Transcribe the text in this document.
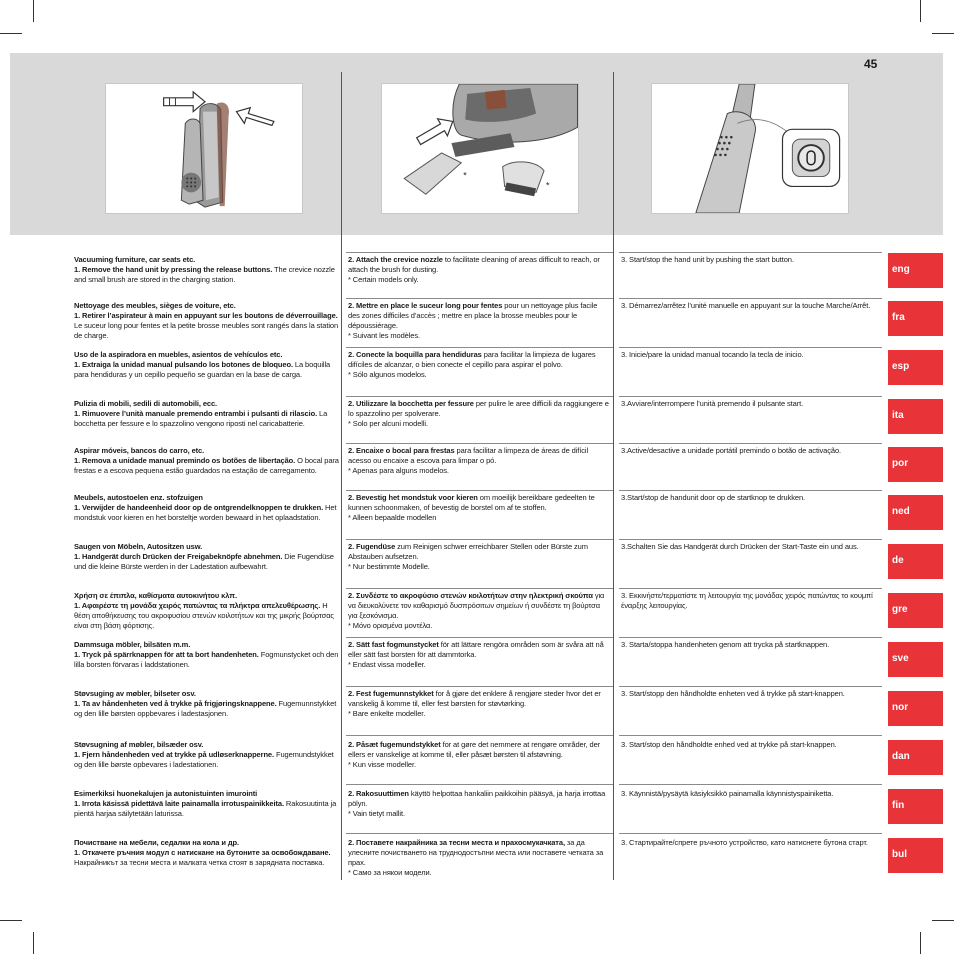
45
*
*
Vacuuming furniture, car seats etc.
1. Remove the hand unit by pressing the release buttons. The crevice nozzle and small brush are stored in the charging station.
2. Attach the crevice nozzle to facilitate cleaning of areas difficult to reach, or attach the brush for dusting.
* Certain models only.
3. Start/stop the hand unit by pushing the start button.
eng
Nettoyage des meubles, sièges de voiture, etc.
1. Retirer l’aspirateur à main en appuyant sur les boutons de déverrouillage. Le suceur long pour fentes et la petite brosse meubles sont rangés dans la station de charge.
2. Mettre en place le suceur long pour fentes pour un nettoyage plus facile des zones difficiles d’accès ; mettre en place la brosse meubles pour le dépoussiérage.
* Suivant les modèles.
3. Démarrez/arrêtez l’unité manuelle en appuyant sur la touche Marche/Arrêt.
fra
Uso de la aspiradora en muebles, asientos de vehículos etc.
1. Extraiga la unidad manual pulsando los botones de bloqueo. La boquilla para hendiduras y un cepillo pequeño se guardan en la base de carga.
2. Conecte la boquilla para hendiduras para facilitar la limpieza de lugares difíciles de alcanzar, o bien conecte el cepillo para aspirar el polvo.
* Sólo algunos modelos.
3. Inicie/pare la unidad manual tocando la tecla de inicio.
esp
Pulizia di mobili, sedili di automobili, ecc.
1. Rimuovere l’unità manuale premendo entrambi i pulsanti di rilascio. La bocchetta per fessure e lo spazzolino vengono riposti nel caricabatterie.
2. Utilizzare la bocchetta per fessure per pulire le aree difficili da raggiungere e lo spazzolino per spolverare.
* Solo per alcuni modelli.
3.Avviare/interrompere l’unità premendo il pulsante start.
ita
Aspirar móveis, bancos do carro, etc.
1. Remova a unidade manual premindo os botões de libertação. O bocal para frestas e a escova pequena estão guardados na estação de carregamento.
2. Encaixe o bocal para frestas para facilitar a limpeza de áreas de difícil acesso ou encaixe a escova para limpar o pó.
* Apenas para alguns modelos.
3.Active/desactive a unidade portátil premindo o botão de activação.
por
Meubels, autostoelen enz. stofzuigen
1. Verwijder de handeenheid door op de ontgrendelknoppen te drukken. Het mondstuk voor kieren en het borsteltje worden bewaard in het oplaadstation.
2. Bevestig het mondstuk voor kieren om moeilijk bereikbare gedeelten te kunnen schoonmaken, of bevestig de borstel om af te stoffen.
* Alleen bepaalde modellen
3.Start/stop de handunit door op de startknop te drukken.
ned
Saugen von Möbeln, Autositzen usw.
1. Handgerät durch Drücken der Freigabeknöpfe abnehmen. Die Fugendüse und die kleine Bürste werden in der Ladestation aufbewahrt.
2. Fugendüse zum Reinigen schwer erreichbarer Stellen oder Bürste zum Abstauben aufsetzen.
* Nur bestimmte Modelle.
3.Schalten Sie das Handgerät durch Drücken der Start-Taste ein und aus.
de
Χρήση σε έπιπλα, καθίσματα αυτοκινήτου κλπ.
1. Αφαιρέστε τη μονάδα χειρός πατώντας τα πλήκτρα απελευθέρωσης. Η θέση αποθήκευσης του ακροφυσίου στενών κοιλοτήτων και της μικρής βούρτσας είναι στη βάση φόρτισης.
2. Συνδέστε το ακροφύσιο στενών κοιλοτήτων στην ηλεκτρική σκούπα για να διευκολύνετε τον καθαρισμό δυσπρόσιτων σημείων ή συνδέστε τη βούρτσα για ξεσκόνισμα.
* Μόνο ορισμένα μοντέλα.
3. Εκκινήστε/τερματίστε τη λειτουργία της μονάδας χειρός πατώντας το κουμπί έναρξης λειτουργίας.	gre
Dammsuga möbler, bilsäten m.m.
1. Tryck på spärrknappen för att ta bort handenheten. Fogmunstycket och den lilla borsten förvaras i laddstationen.
2. Sätt fast fogmunstycket för att lättare rengöra områden som är svåra att nå eller sätt fast borsten för att dammtorka.
* Endast vissa modeller.
3. Starta/stoppa handenheten genom att trycka på startknappen.
sve
Støvsuging av møbler, bilseter osv.
1. Ta av håndenheten ved å trykke på frigjøringsknappene. Fugemunnstykket og den lille børsten oppbevares i ladestasjonen.
2. Fest fugemunnstykket for å gjøre det enklere å rengjøre steder hvor det er vanskelig å komme til, eller fest børsten for støvtørking.
* Bare enkelte modeller.
3. Start/stopp den håndholdte enheten ved å trykke på start-knappen.
nor
Støvsugning af møbler, bilsæder osv.
1. Fjern håndenheden ved at trykke på udløserknapperne. Fugemundstykket og den lille børste opbevares i ladestationen.
2. Påsæt fugemundstykket for at gøre det nemmere at rengøre områder, der ellers er vanskelige at komme til, eller påsæt børsten til afstøvning.
* Kun visse modeller.
3. Start/stop den håndholdte enhed ved at trykke på start-knappen.
dan
Esimerkiksi huonekalujen ja autonistuinten imurointi
1. Irrota käsissä pidettävä laite painamalla irrotuspainikkeita. Rakosuutinta ja pientä harjaa säilytetään laturissa.
2. Rakosuuttimen käyttö helpottaa hankaliin paikkoihin pääsyä, ja harja irrottaa pölyn.
* Vain tietyt mallit.
3. Käynnistä/pysäytä käsiyksikkö painamalla käynnistyspainiketta.
fin
Почистване на мебели, седалки на кола и др.
1. Откачете ръчния модул с натискане на бутоните за освобождаване. Накрайникът за тесни места и малката четка стоят в зарядната поставка.
2. Поставете накрайника за тесни места и прахосмукачката, за да улесните почистването на труднодостъпни места или поставете четката за прах.
* Само за някои модели.
3. Стартирайте/спрете ръчното устройство, като натиснете бутона старт.
bul
